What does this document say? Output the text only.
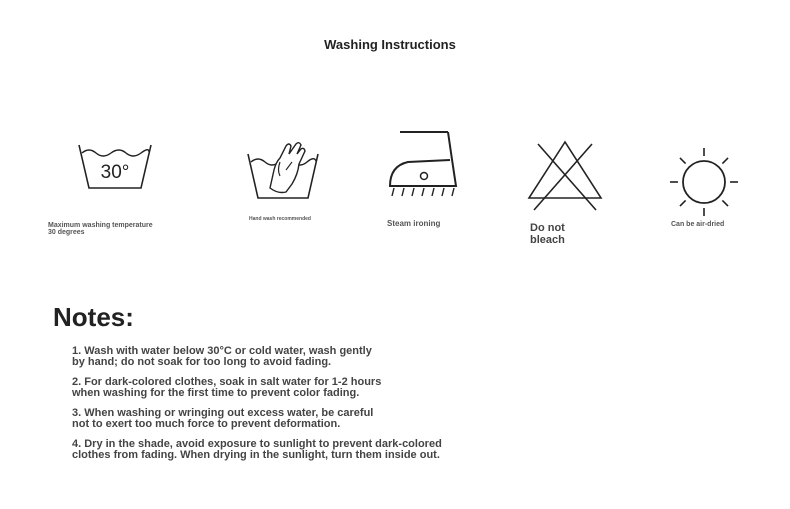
Washing Instructions
30°
Maximum washing temperature
30 degrees
Hand wash recommended	Steam ironing	Do not
bleach
Can be air-dried
Notes:
1. Wash with water below 30°C or cold water, wash gently
by hand; do not soak for too long to avoid fading.
2. For dark-colored clothes, soak in salt water for 1-2 hours
when washing for the first time to prevent color fading.
3. When washing or wringing out excess water, be careful
not to exert too much force to prevent deformation.
4. Dry in the shade, avoid exposure to sunlight to prevent dark-colored
clothes from fading. When drying in the sunlight, turn them inside out.
